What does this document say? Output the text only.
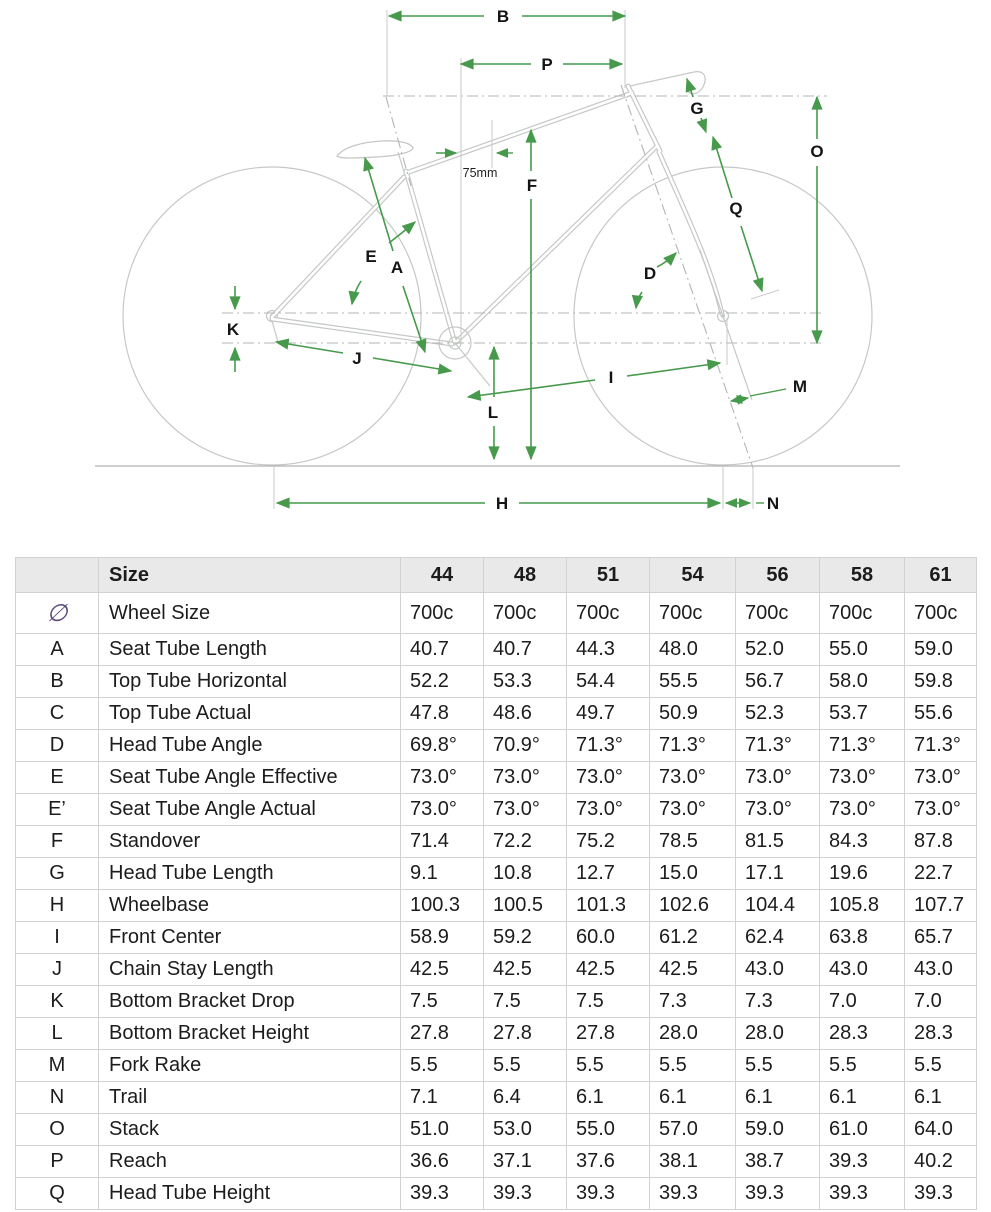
B
P
G
O
Q
F
E
A	D
K
J
L
I	M
H	N
75mm
	Size	44	48	51	54	56	58	61
∅	Wheel Size	700c	700c	700c	700c	700c	700c	700c
A	Seat Tube Length	40.7	40.7	44.3	48.0	52.0	55.0	59.0
B	Top Tube Horizontal	52.2	53.3	54.4	55.5	56.7	58.0	59.8
C	Top Tube Actual	47.8	48.6	49.7	50.9	52.3	53.7	55.6
D	Head Tube Angle	69.8°	70.9°	71.3°	71.3°	71.3°	71.3°	71.3°
E	Seat Tube Angle Effective	73.0°	73.0°	73.0°	73.0°	73.0°	73.0°	73.0°
E’	Seat Tube Angle Actual	73.0°	73.0°	73.0°	73.0°	73.0°	73.0°	73.0°
F	Standover	71.4	72.2	75.2	78.5	81.5	84.3	87.8
G	Head Tube Length	9.1	10.8	12.7	15.0	17.1	19.6	22.7
H	Wheelbase	100.3	100.5	101.3	102.6	104.4	105.8	107.7
I	Front Center	58.9	59.2	60.0	61.2	62.4	63.8	65.7
J	Chain Stay Length	42.5	42.5	42.5	42.5	43.0	43.0	43.0
K	Bottom Bracket Drop	7.5	7.5	7.5	7.3	7.3	7.0	7.0
L	Bottom Bracket Height	27.8	27.8	27.8	28.0	28.0	28.3	28.3
M	Fork Rake	5.5	5.5	5.5	5.5	5.5	5.5	5.5
N	Trail	7.1	6.4	6.1	6.1	6.1	6.1	6.1
O	Stack	51.0	53.0	55.0	57.0	59.0	61.0	64.0
P	Reach	36.6	37.1	37.6	38.1	38.7	39.3	40.2
Q	Head Tube Height	39.3	39.3	39.3	39.3	39.3	39.3	39.3
